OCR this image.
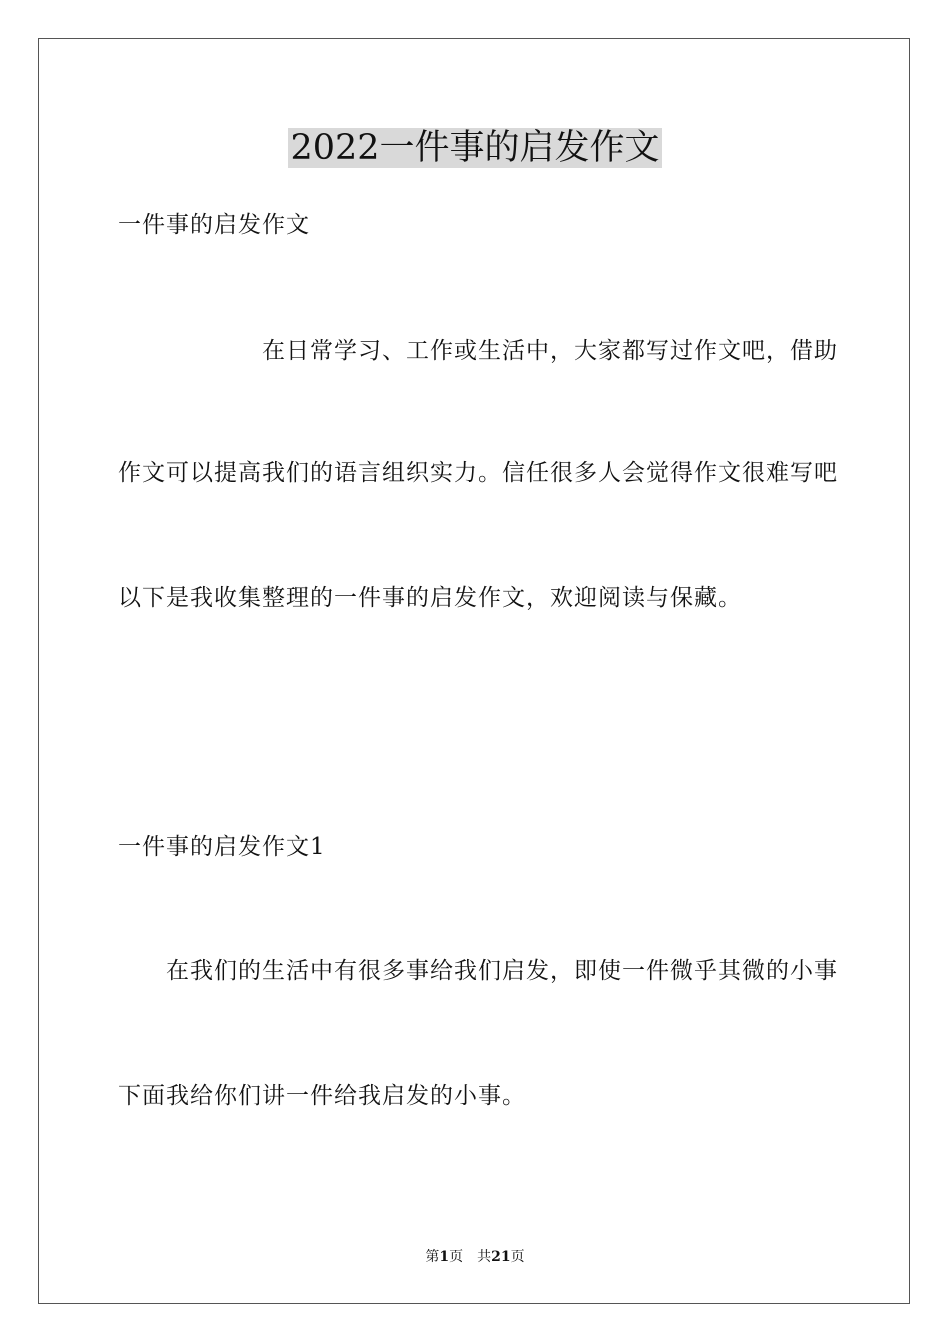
2022一件事的启发作文
一件事的启发作文
在日常学习、工作或生活中，大家都写过作文吧，借助
作文可以提高我们的语言组织实力。信任很多人会觉得作文很难写吧
以下是我收集整理的一件事的启发作文，欢迎阅读与保藏。
一件事的启发作文1
在我们的生活中有很多事给我们启发，即使一件微乎其微的小事
下面我给你们讲一件给我启发的小事。
第1页 共21页
